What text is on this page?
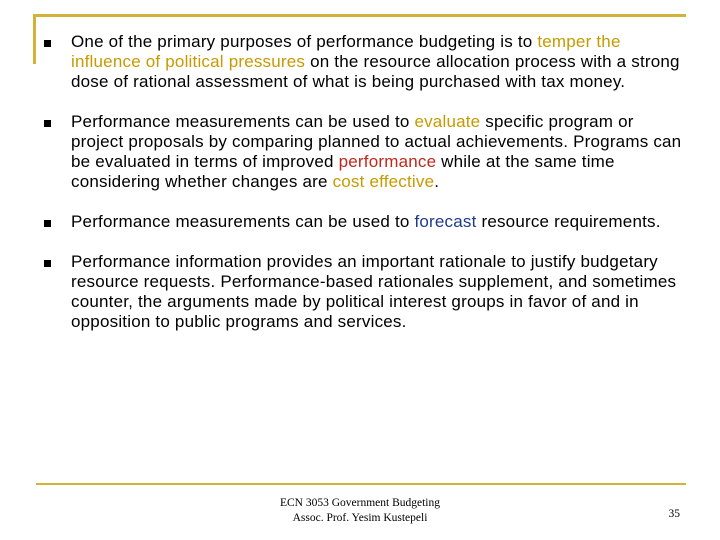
One of the primary purposes of performance budgeting is to temper the influence of political pressures on the resource allocation process with a strong dose of rational assessment of what is being purchased with tax money.
Performance measurements can be used to evaluate specific program or project proposals by comparing planned to actual achievements. Programs can be evaluated in terms of improved performance while at the same time considering whether changes are cost effective.
Performance measurements can be used to forecast resource requirements.
Performance information provides an important rationale to justify budgetary resource requests. Performance-based rationales supplement, and sometimes counter, the arguments made by political interest groups in favor of and in opposition to public programs and services.
ECN 3053 Government Budgeting
Assoc. Prof. Yesim Kustepeli	35
